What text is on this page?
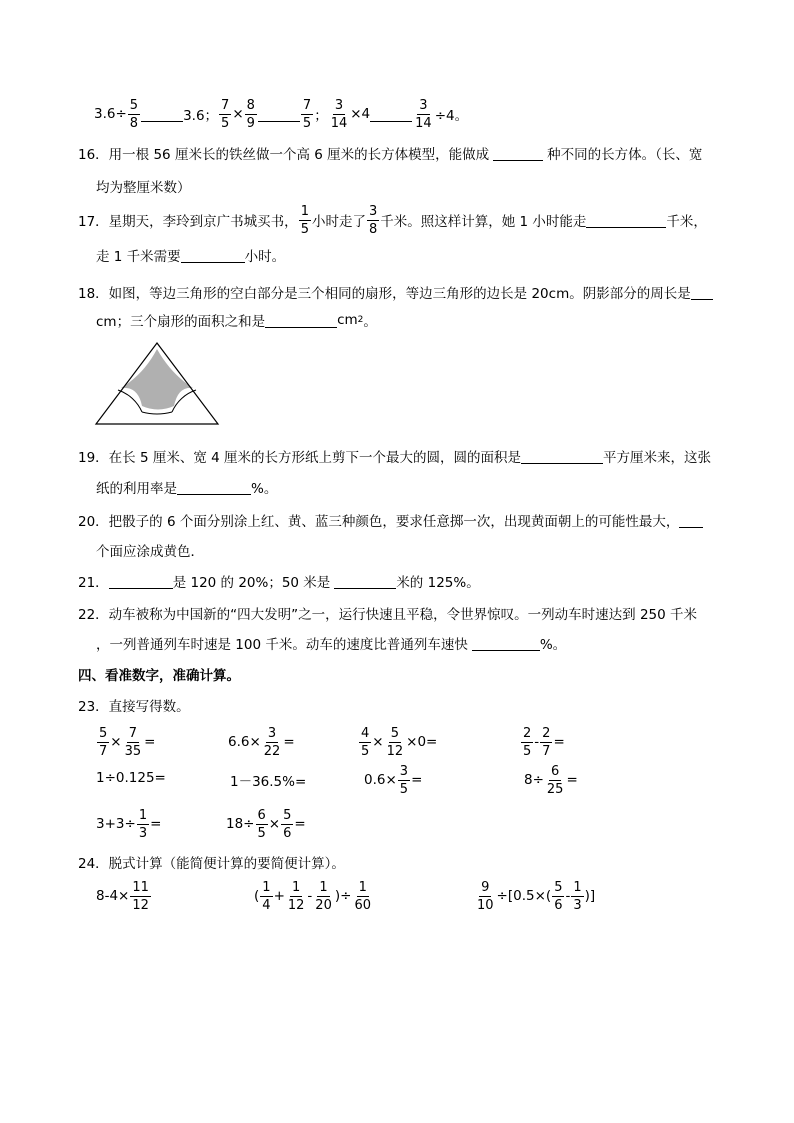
$3.6\div \frac{5}{8}$	3.6； $\frac{7}{5} \times \frac{8}{9}$	$\frac{7}{5}$ ； $\frac{3}{14} \times 4$	$\frac{3}{14} \div 4$。
16．用一根 56 厘米长的铁丝做一个高 6 厘米的长方体模型，能做成	种不同的长方体。（长、宽
均为整厘米数）
17．星期天，李玲到京广书城买书， $\frac{1}{5}$ 小时走了 $\frac{3}{8}$ 千米。照这样计算，她 1 小时能走	千米，
走 1 千米需要	小时。
18．如图，等边三角形的空白部分是三个相同的扇形，等边三角形的边长是 20cm。阴影部分的周长是
cm；三个扇形的面积之和是	cm 2 。
19．在长 5 厘米、宽 4 厘米的长方形纸上剪下一个最大的圆，圆的面积是	平方厘米来，这张
纸的利用率是	%。
20．把骰子的 6 个面分别涂上红、黄、蓝三种颜色，要求任意掷一次，出现黄面朝上的可能性最大，
个面应涂成黄色．
21．	是 120 的 20%；50 米是	米的 125%。
22．动车被称为中国新的“四大发明”之一，运行快速且平稳，令世界惊叹。一列动车时速达到 250 千米
，一列普通列车时速是 100 千米。动车的速度比普通列车速快	%。
四、看准数字，准确计算。
23．直接写得数。
$\frac{5}{7} \times \frac{7}{35}$ =	$6.6\times \frac{3}{22}$ =	$\frac{4}{5} \times \frac{5}{12} \times 0=$	$\frac{2}{5} - \frac{2}{7}$ =
1÷0.125=	1－36.5%=	$0.6\times \frac{3}{5}$ =	$8\div \frac{6}{25}$ =
$3+3\div \frac{1}{3}$ =	$18\div \frac{6}{5} \times \frac{5}{6}$ =
24．脱式计算（能简便计算的要简便计算）。
$8-4\times \frac{11}{12}$	( $\frac{1}{4} + \frac{1}{12} - \frac{1}{20}$ )÷ $\frac{1}{60}$	$\frac{9}{10} \div[0.5\times( \frac{5}{6} - \frac{1}{3}$ )]
